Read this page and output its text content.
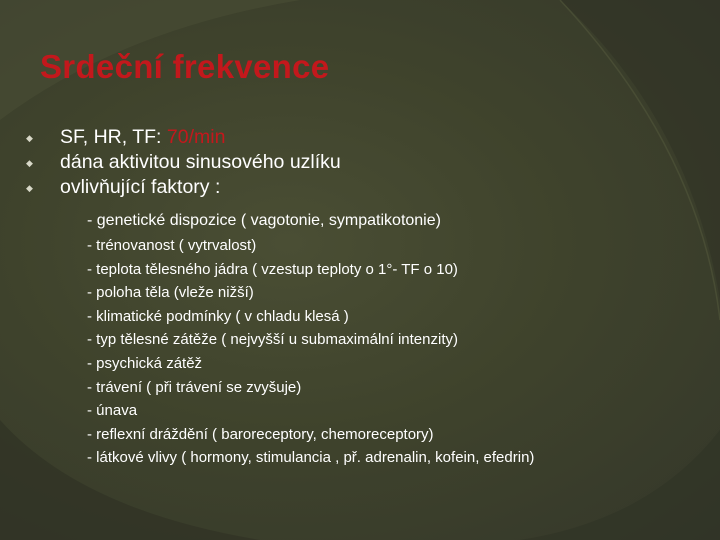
Srdeční frekvence
◆	SF, HR, TF: 70/min
◆	dána aktivitou sinusového uzlíku
◆	ovlivňující faktory :
- genetické dispozice ( vagotonie, sympatikotonie)
- trénovanost ( vytrvalost)
- teplota tělesného jádra ( vzestup teploty o 1°- TF o 10)
- poloha těla (vleže nižší)
- klimatické podmínky ( v chladu klesá )
- typ tělesné zátěže ( nejvyšší u submaximální intenzity)
- psychická zátěž
- trávení ( při trávení se zvyšuje)
- únava
- reflexní dráždění ( baroreceptory, chemoreceptory)
- látkové vlivy ( hormony, stimulancia , př. adrenalin, kofein, efedrin)
